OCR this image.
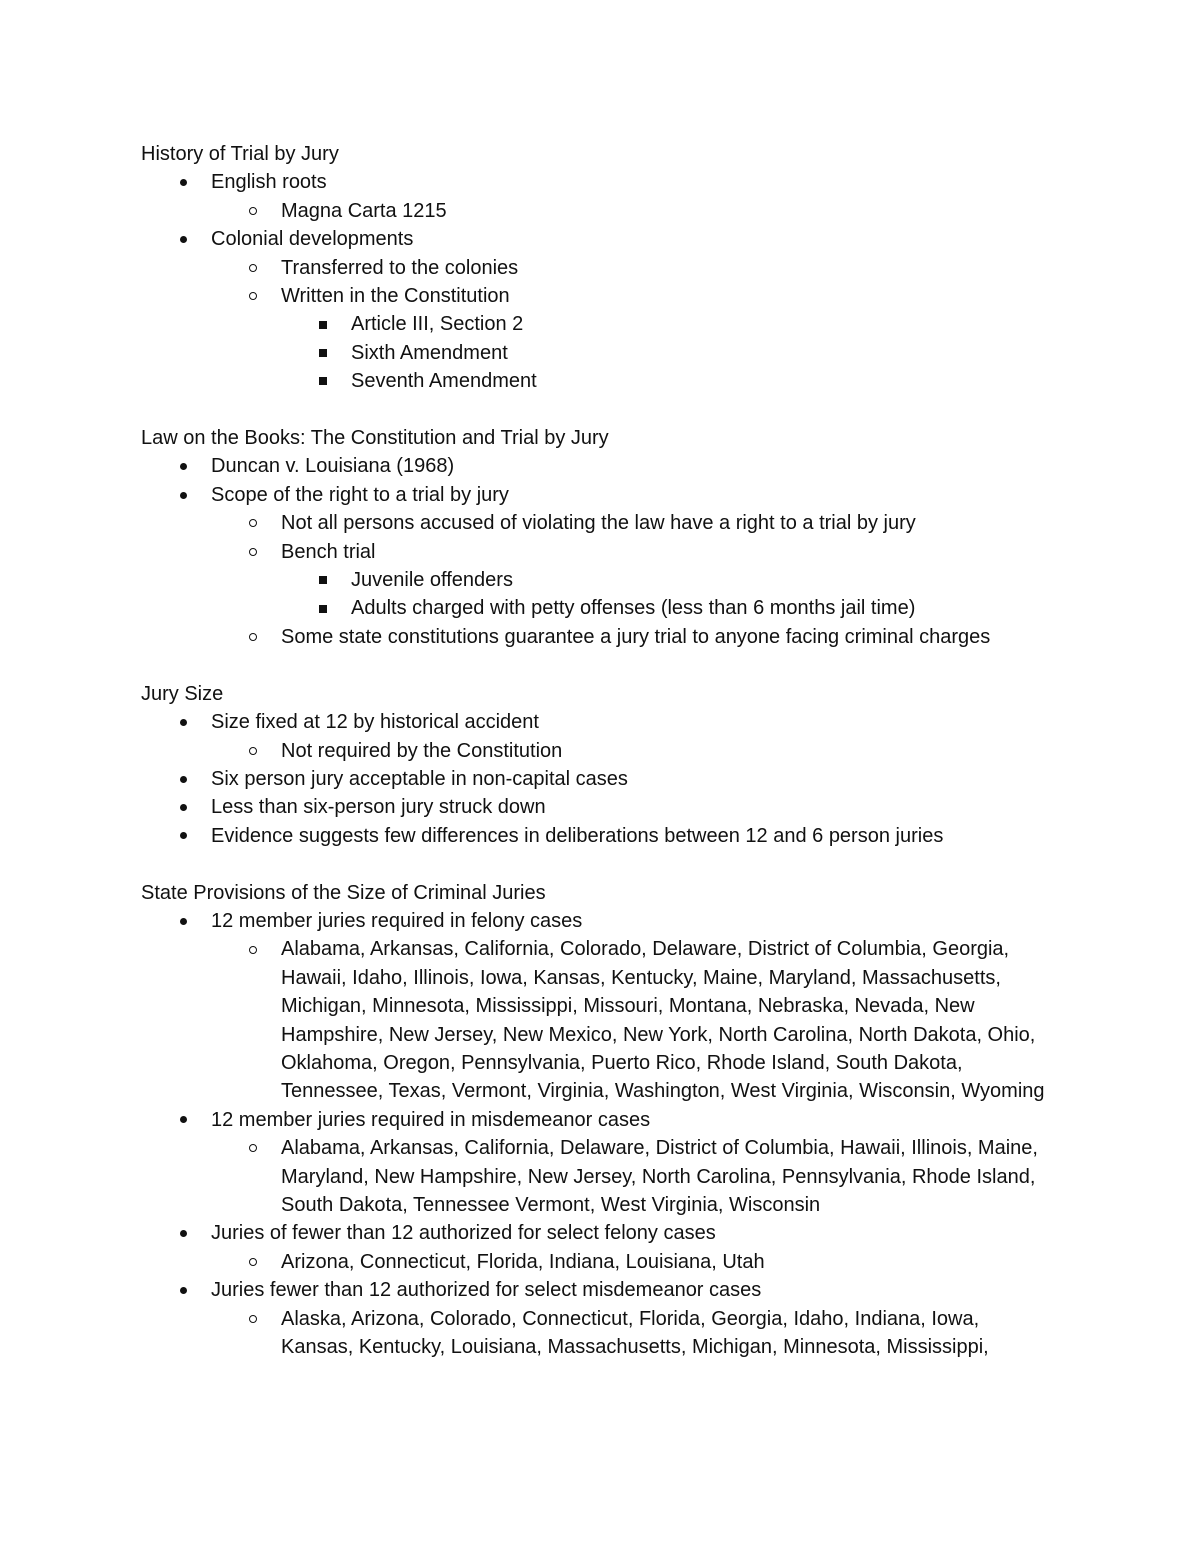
History of Trial by Jury
English roots
Magna Carta 1215
Colonial developments
Transferred to the colonies
Written in the Constitution
Article III, Section 2
Sixth Amendment
Seventh Amendment
Law on the Books: The Constitution and Trial by Jury
Duncan v. Louisiana (1968)
Scope of the right to a trial by jury
Not all persons accused of violating the law have a right to a trial by jury
Bench trial
Juvenile offenders
Adults charged with petty offenses (less than 6 months jail time)
Some state constitutions guarantee a jury trial to anyone facing criminal charges
Jury Size
Size fixed at 12 by historical accident
Not required by the Constitution
Six person jury acceptable in non-capital cases
Less than six-person jury struck down
Evidence suggests few differences in deliberations between 12 and 6 person juries
State Provisions of the Size of Criminal Juries
12 member juries required in felony cases
Alabama, Arkansas, California, Colorado, Delaware, District of Columbia, Georgia, Hawaii, Idaho, Illinois, Iowa, Kansas, Kentucky, Maine, Maryland, Massachusetts, Michigan, Minnesota, Mississippi, Missouri, Montana, Nebraska, Nevada, New Hampshire, New Jersey, New Mexico, New York, North Carolina, North Dakota, Ohio, Oklahoma, Oregon, Pennsylvania, Puerto Rico, Rhode Island, South Dakota, Tennessee, Texas, Vermont, Virginia, Washington, West Virginia, Wisconsin, Wyoming
12 member juries required in misdemeanor cases
Alabama, Arkansas, California, Delaware, District of Columbia, Hawaii, Illinois, Maine, Maryland, New Hampshire, New Jersey, North Carolina, Pennsylvania, Rhode Island, South Dakota, Tennessee Vermont, West Virginia, Wisconsin
Juries of fewer than 12 authorized for select felony cases
Arizona, Connecticut, Florida, Indiana, Louisiana, Utah
Juries fewer than 12 authorized for select misdemeanor cases
Alaska, Arizona, Colorado, Connecticut, Florida, Georgia, Idaho, Indiana, Iowa, Kansas, Kentucky, Louisiana, Massachusetts, Michigan, Minnesota, Mississippi,
